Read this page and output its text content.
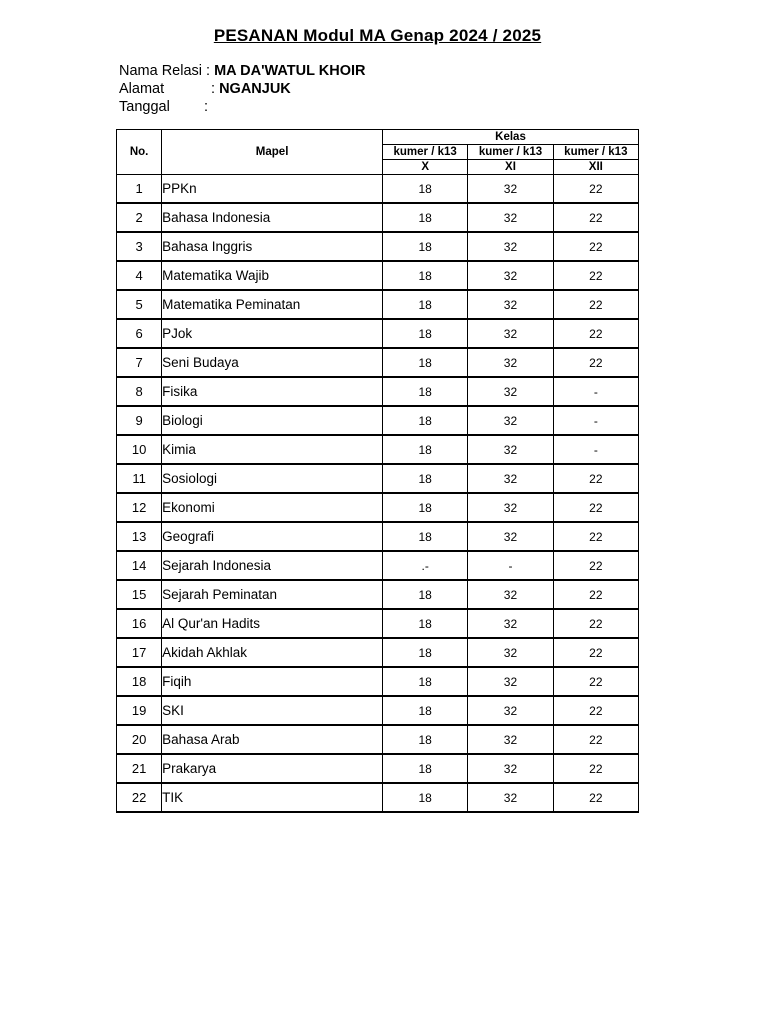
PESANAN Modul MA Genap 2024 / 2025
Nama Relasi : MA DA'WATUL KHOIR
Alamat	: NGANJUK
Tanggal :
No.	Mapel	Kelas		
		kumer / k13	kumer / k13	kumer / k13
		X	XI	XII
1	PPKn	18	32	22
2	Bahasa Indonesia	18	32	22
3	Bahasa Inggris	18	32	22
4	Matematika Wajib	18	32	22
5	Matematika Peminatan	18	32	22
6	PJok	18	32	22
7	Seni Budaya	18	32	22
8	Fisika	18	32	-
9	Biologi	18	32	-
10	Kimia	18	32	-
11	Sosiologi	18	32	22
12	Ekonomi	18	32	22
13	Geografi	18	32	22
14	Sejarah Indonesia	.-	-	22
15	Sejarah Peminatan	18	32	22
16	Al Qur'an Hadits	18	32	22
17	Akidah Akhlak	18	32	22
18	Fiqih	18	32	22
19	SKI	18	32	22
20	Bahasa Arab	18	32	22
21	Prakarya	18	32	22
22	TIK	18	32	22
